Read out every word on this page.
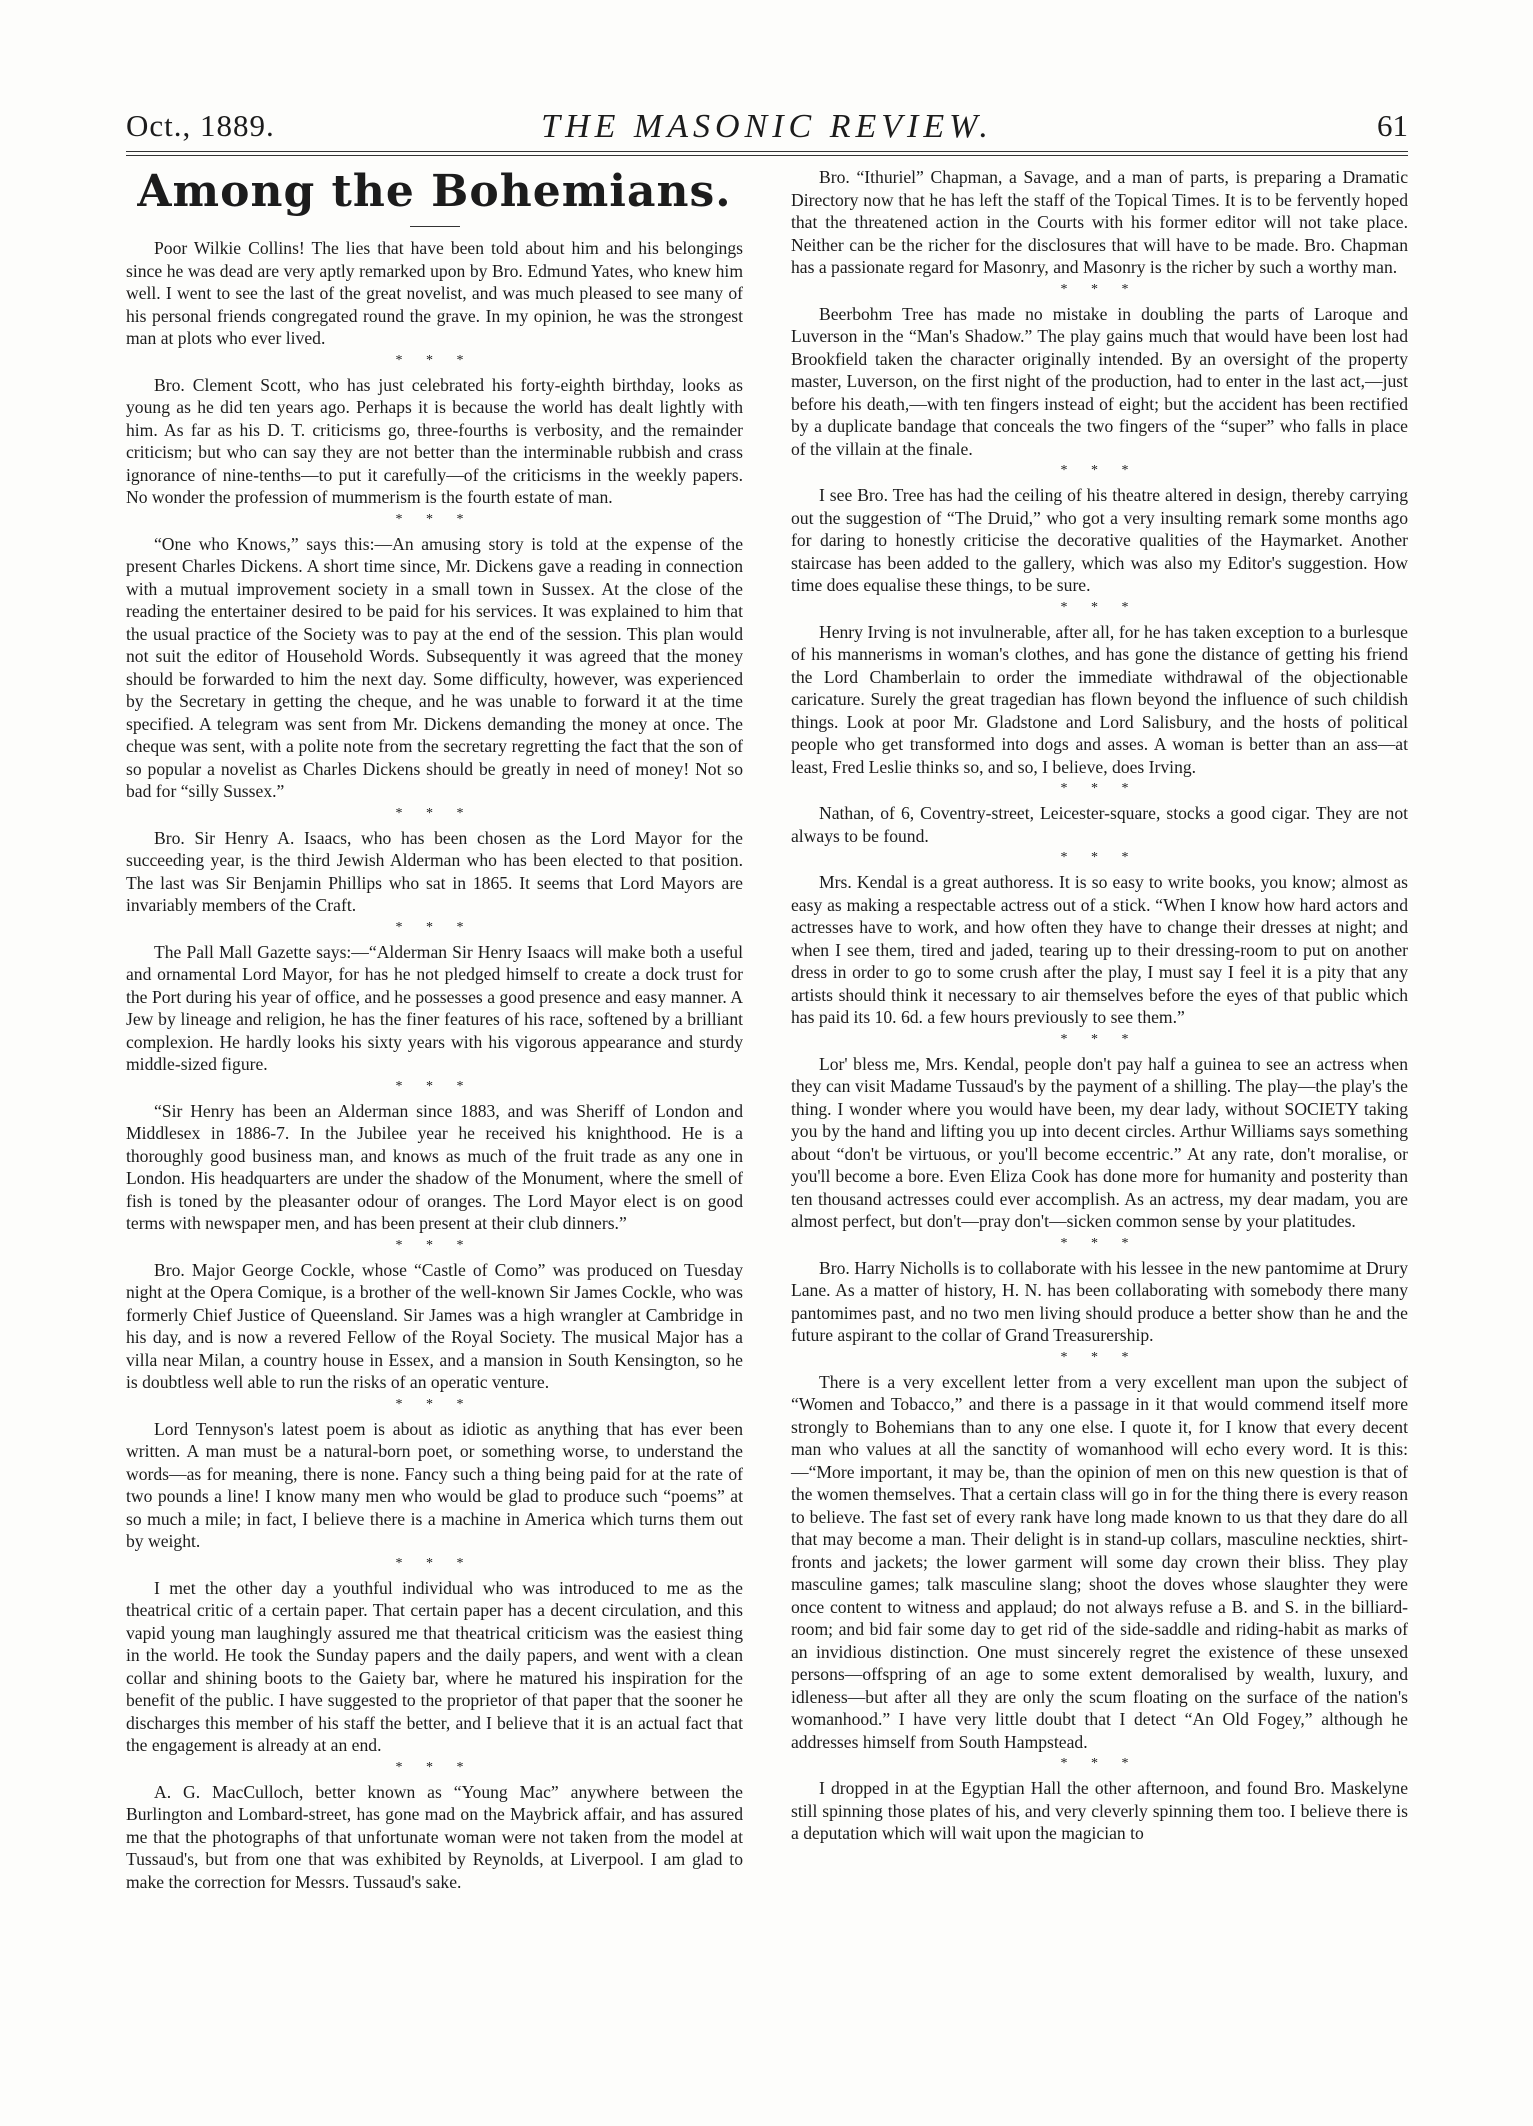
Oct., 1889.	THE MASONIC REVIEW.	61
Among the Bohemians.

Poor Wilkie Collins! The lies that have been told about him and his belongings since he was dead are very aptly remarked upon by Bro. Edmund Yates, who knew him well. I went to see the last of the great novelist, and was much pleased to see many of his personal friends congregated round the grave. In my opinion, he was the strongest man at plots who ever lived.

* * *

Bro. Clement Scott, who has just celebrated his forty-eighth birthday, looks as young as he did ten years ago. Perhaps it is because the world has dealt lightly with him. As far as his D. T. criticisms go, three-fourths is verbosity, and the remainder criticism; but who can say they are not better than the interminable rubbish and crass ignorance of nine-tenths—to put it carefully—of the criticisms in the weekly papers. No wonder the profession of mummerism is the fourth estate of man.

* * *

“One who Knows,” says this:—An amusing story is told at the expense of the present Charles Dickens. A short time since, Mr. Dickens gave a reading in connection with a mutual improvement society in a small town in Sussex. At the close of the reading the entertainer desired to be paid for his services. It was explained to him that the usual practice of the Society was to pay at the end of the session. This plan would not suit the editor of Household Words. Subsequently it was agreed that the money should be forwarded to him the next day. Some difficulty, however, was experienced by the Secretary in getting the cheque, and he was unable to forward it at the time specified. A telegram was sent from Mr. Dickens demanding the money at once. The cheque was sent, with a polite note from the secretary regretting the fact that the son of so popular a novelist as Charles Dickens should be greatly in need of money! Not so bad for “silly Sussex.”

* * *

Bro. Sir Henry A. Isaacs, who has been chosen as the Lord Mayor for the succeeding year, is the third Jewish Alderman who has been elected to that position. The last was Sir Benjamin Phillips who sat in 1865. It seems that Lord Mayors are invariably members of the Craft.

* * *

The Pall Mall Gazette says:—“Alderman Sir Henry Isaacs will make both a useful and ornamental Lord Mayor, for has he not pledged himself to create a dock trust for the Port during his year of office, and he possesses a good presence and easy manner. A Jew by lineage and religion, he has the finer features of his race, softened by a brilliant complexion. He hardly looks his sixty years with his vigorous appearance and sturdy middle-sized figure.

* * *

“Sir Henry has been an Alderman since 1883, and was Sheriff of London and Middlesex in 1886-7. In the Jubilee year he received his knighthood. He is a thoroughly good business man, and knows as much of the fruit trade as any one in London. His headquarters are under the shadow of the Monument, where the smell of fish is toned by the pleasanter odour of oranges. The Lord Mayor elect is on good terms with newspaper men, and has been present at their club dinners.”

* * *

Bro. Major George Cockle, whose “Castle of Como” was produced on Tuesday night at the Opera Comique, is a brother of the well-known Sir James Cockle, who was formerly Chief Justice of Queensland. Sir James was a high wrangler at Cambridge in his day, and is now a revered Fellow of the Royal Society. The musical Major has a villa near Milan, a country house in Essex, and a mansion in South Kensington, so he is doubtless well able to run the risks of an operatic venture.

* * *

Lord Tennyson's latest poem is about as idiotic as anything that has ever been written. A man must be a natural-born poet, or something worse, to understand the words—as for meaning, there is none. Fancy such a thing being paid for at the rate of two pounds a line! I know many men who would be glad to produce such “poems” at so much a mile; in fact, I believe there is a machine in America which turns them out by weight.

* * *

I met the other day a youthful individual who was introduced to me as the theatrical critic of a certain paper. That certain paper has a decent circulation, and this vapid young man laughingly assured me that theatrical criticism was the easiest thing in the world. He took the Sunday papers and the daily papers, and went with a clean collar and shining boots to the Gaiety bar, where he matured his inspiration for the benefit of the public. I have suggested to the proprietor of that paper that the sooner he discharges this member of his staff the better, and I believe that it is an actual fact that the engagement is already at an end.

* * *

A. G. MacCulloch, better known as “Young Mac” anywhere between the Burlington and Lombard-street, has gone mad on the Maybrick affair, and has assured me that the photographs of that unfortunate woman were not taken from the model at Tussaud's, but from one that was exhibited by Reynolds, at Liverpool. I am glad to make the correction for Messrs. Tussaud's sake.

Bro. “Ithuriel” Chapman, a Savage, and a man of parts, is preparing a Dramatic Directory now that he has left the staff of the Topical Times. It is to be fervently hoped that the threatened action in the Courts with his former editor will not take place. Neither can be the richer for the disclosures that will have to be made. Bro. Chapman has a passionate regard for Masonry, and Masonry is the richer by such a worthy man.

* * *

Beerbohm Tree has made no mistake in doubling the parts of Laroque and Luverson in the “Man's Shadow.” The play gains much that would have been lost had Brookfield taken the character originally intended. By an oversight of the property master, Luverson, on the first night of the production, had to enter in the last act,—just before his death,—with ten fingers instead of eight; but the accident has been rectified by a duplicate bandage that conceals the two fingers of the “super” who falls in place of the villain at the finale.

* * *

I see Bro. Tree has had the ceiling of his theatre altered in design, thereby carrying out the suggestion of “The Druid,” who got a very insulting remark some months ago for daring to honestly criticise the decorative qualities of the Haymarket. Another staircase has been added to the gallery, which was also my Editor's suggestion. How time does equalise these things, to be sure.

* * *

Henry Irving is not invulnerable, after all, for he has taken exception to a burlesque of his mannerisms in woman's clothes, and has gone the distance of getting his friend the Lord Chamberlain to order the immediate withdrawal of the objectionable caricature. Surely the great tragedian has flown beyond the influence of such childish things. Look at poor Mr. Gladstone and Lord Salisbury, and the hosts of political people who get transformed into dogs and asses. A woman is better than an ass—at least, Fred Leslie thinks so, and so, I believe, does Irving.

* * *

Nathan, of 6, Coventry-street, Leicester-square, stocks a good cigar. They are not always to be found.

* * *

Mrs. Kendal is a great authoress. It is so easy to write books, you know; almost as easy as making a respectable actress out of a stick. “When I know how hard actors and actresses have to work, and how often they have to change their dresses at night; and when I see them, tired and jaded, tearing up to their dressing-room to put on another dress in order to go to some crush after the play, I must say I feel it is a pity that any artists should think it necessary to air themselves before the eyes of that public which has paid its 10. 6d. a few hours previously to see them.”

* * *

Lor' bless me, Mrs. Kendal, people don't pay half a guinea to see an actress when they can visit Madame Tussaud's by the payment of a shilling. The play—the play's the thing. I wonder where you would have been, my dear lady, without SOCIETY taking you by the hand and lifting you up into decent circles. Arthur Williams says something about “don't be virtuous, or you'll become eccentric.” At any rate, don't moralise, or you'll become a bore. Even Eliza Cook has done more for humanity and posterity than ten thousand actresses could ever accomplish. As an actress, my dear madam, you are almost perfect, but don't—pray don't—sicken common sense by your platitudes.

* * *

Bro. Harry Nicholls is to collaborate with his lessee in the new pantomime at Drury Lane. As a matter of history, H. N. has been collaborating with somebody there many pantomimes past, and no two men living should produce a better show than he and the future aspirant to the collar of Grand Treasurership.

* * *

There is a very excellent letter from a very excellent man upon the subject of “Women and Tobacco,” and there is a passage in it that would commend itself more strongly to Bohemians than to any one else. I quote it, for I know that every decent man who values at all the sanctity of womanhood will echo every word. It is this:—“More important, it may be, than the opinion of men on this new question is that of the women themselves. That a certain class will go in for the thing there is every reason to believe. The fast set of every rank have long made known to us that they dare do all that may become a man. Their delight is in stand-up collars, masculine neckties, shirt-fronts and jackets; the lower garment will some day crown their bliss. They play masculine games; talk masculine slang; shoot the doves whose slaughter they were once content to witness and applaud; do not always refuse a B. and S. in the billiard-room; and bid fair some day to get rid of the side-saddle and riding-habit as marks of an invidious distinction. One must sincerely regret the existence of these unsexed persons—offspring of an age to some extent demoralised by wealth, luxury, and idleness—but after all they are only the scum floating on the surface of the nation's womanhood.” I have very little doubt that I detect “An Old Fogey,” although he addresses himself from South Hampstead.

* * *

I dropped in at the Egyptian Hall the other afternoon, and found Bro. Maskelyne still spinning those plates of his, and very cleverly spinning them too. I believe there is a deputation which will wait upon the magician to
